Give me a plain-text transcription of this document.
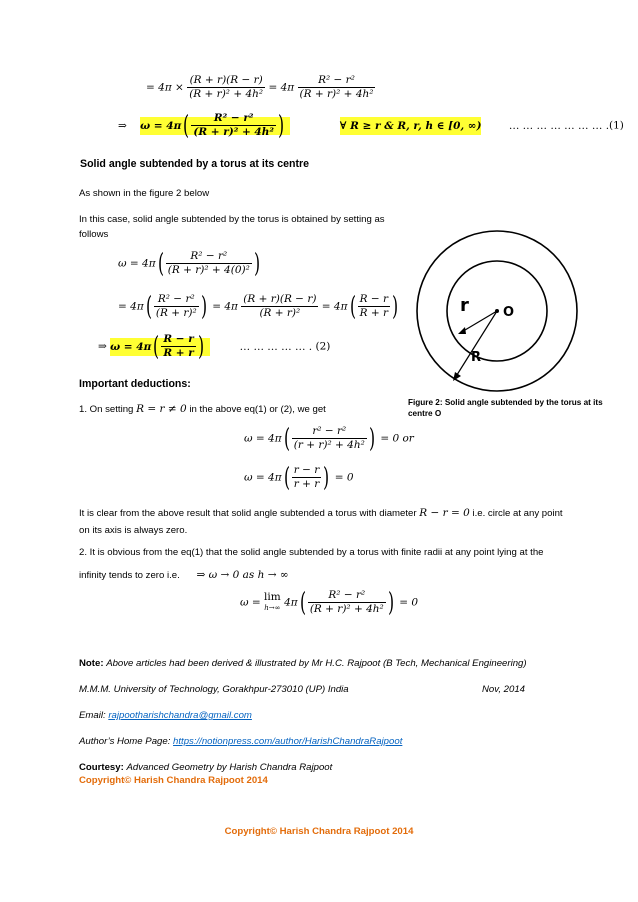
= $4\pi \times \frac{(R + r)(R - r)}{\text{(R + r)² + 4h²}} = 4\pi \frac{\text{R² − r²}}{\text{(R + r)² + 4h²}}$
⇒ $\omega = 4\pi( \frac{\text{R² − r²}}{\text{(R + r)² + 4h²}}$ )	∀ R ≥ r & R, r, h ∈ [0, ∞)	… … … … … … … .(1)
Solid angle subtended by a torus at its centre

As shown in the figure 2 below

In this case, solid angle subtended by the torus is obtained by setting as follows

$\omega = 4\pi( \frac{\text{R² − r²}}{\text{(R + r)² + 4(0)²}}$ )
= $4\pi( \frac{\text{R² − r²}}{\text{(R + r)²}}$ ) = $4\pi \frac{(R + r)(R - r)}{\text{(R + r)²}} = 4\pi( \frac{R - r}{R + r}$ )
⇒ $\omega = 4\pi( \frac{R - r}{R + r}$ )	… … … … … . (2)
r	O
R
Figure 2: Solid angle subtended by the torus at its centre O
Important deductions:
1. On setting R = r ≠ 0 in the above eq(1) or (2), we get
$\omega = 4\pi( \frac{\text{r² − r²}}{\text{(r + r)² + 4h²}}$ ) = 0 or
$\omega = 4\pi( \frac{r - r}{r + r}$ ) = 0

It is clear from the above result that solid angle subtended a torus with diameter R − r = 0 i.e. circle at any point on its axis is always zero.

2. It is obvious from the eq(1) that the solid angle subtended by a torus with finite radii at any point lying at the

infinity tends to zero i.e. ⇒ ω → 0 as h → ∞
ω = lim
h→∞ $4\pi( \frac{\text{R² − r²}}{\text{(R + r)² + 4h²}}$ ) = 0
Note: Above articles had been derived & illustrated by Mr H.C. Rajpoot (B Tech, Mechanical Engineering)
M.M.M. University of Technology, Gorakhpur-273010 (UP) India	Nov, 2014
Email: rajpootharishchandra@gmail.com
Author’s Home Page: https://notionpress.com/author/HarishChandraRajpoot
Courtesy: Advanced Geometry by Harish Chandra Rajpoot
Copyright© Harish Chandra Rajpoot 2014
Copyright© Harish Chandra Rajpoot 2014
